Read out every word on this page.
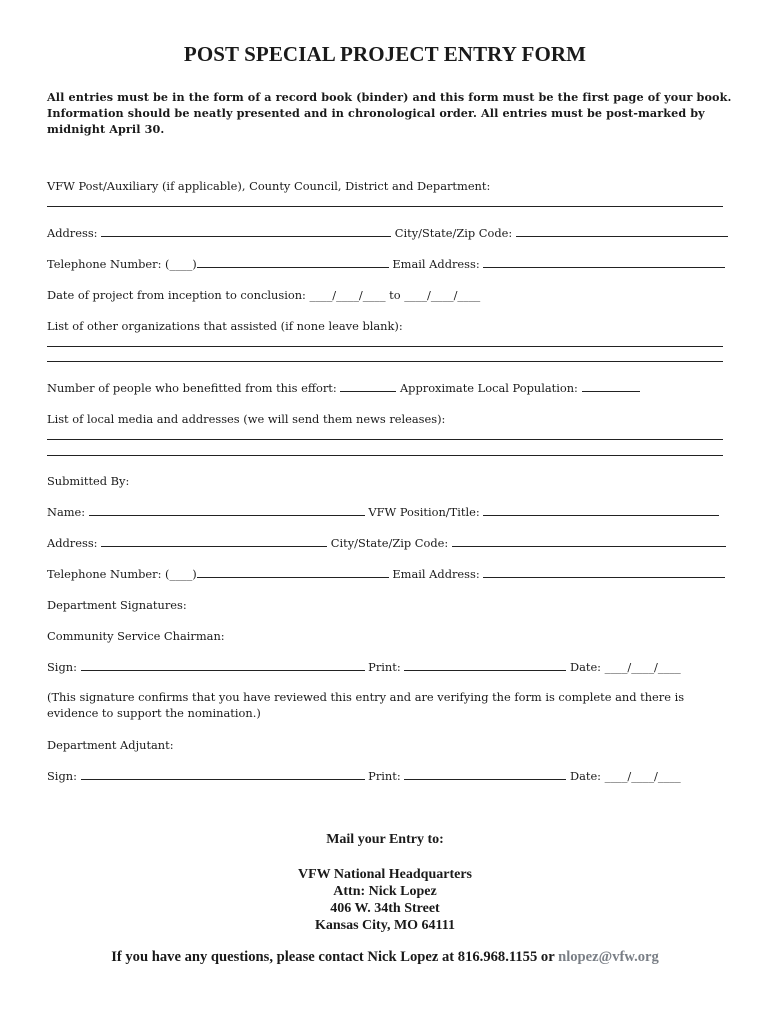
POST SPECIAL PROJECT ENTRY FORM

All entries must be in the form of a record book (binder) and this form must be the first page of your book. Information should be neatly presented and in chronological order. All entries must be post-marked by midnight April 30.

VFW Post/Auxiliary (if applicable), County Council, District and Department:

Address:	City/State/Zip Code:

Telephone Number: (____)	Email Address:

Date of project from inception to conclusion: ____/____/____ to ____/____/____

List of other organizations that assisted (if none leave blank):

Number of people who benefitted from this effort:	Approximate Local Population:

List of local media and addresses (we will send them news releases):

Submitted By:

Name:	VFW Position/Title:

Address:	City/State/Zip Code:

Telephone Number: (____)	Email Address:

Department Signatures:

Community Service Chairman:

Sign:	Print:	Date: ____/____/____

(This signature confirms that you have reviewed this entry and are verifying the form is complete and there is evidence to support the nomination.)

Department Adjutant:

Sign:	Print:	Date: ____/____/____

Mail your Entry to:

VFW National Headquarters

Attn: Nick Lopez

406 W. 34th Street

Kansas City, MO 64111

If you have any questions, please contact Nick Lopez at 816.968.1155 or nlopez@vfw.org
